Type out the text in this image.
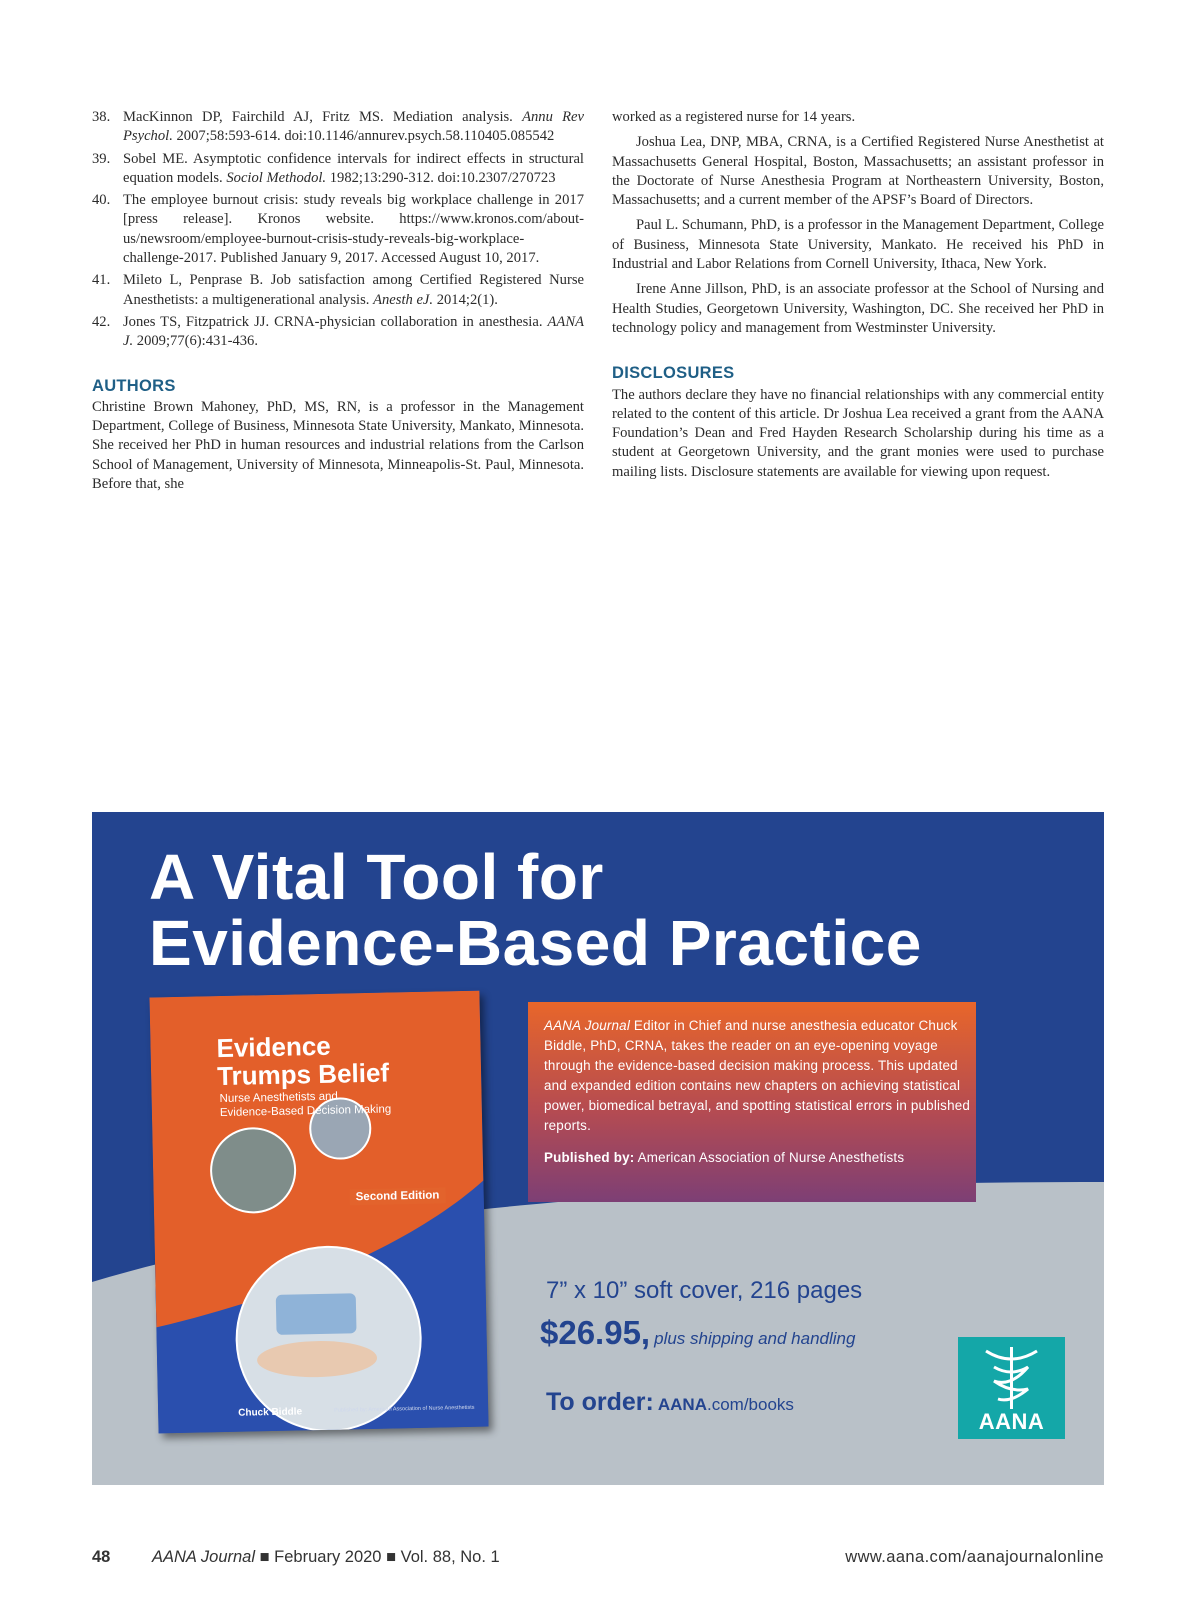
38. MacKinnon DP, Fairchild AJ, Fritz MS. Mediation analysis. Annu Rev Psychol. 2007;58:593-614. doi:10.1146/annurev.psych.58.110405.085542
39. Sobel ME. Asymptotic confidence intervals for indirect effects in structural equation models. Sociol Methodol. 1982;13:290-312. doi:10.2307/270723
40. The employee burnout crisis: study reveals big workplace challenge in 2017 [press release]. Kronos website. https://www.kronos.com/about-us/newsroom/employee-burnout-crisis-study-reveals-big-workplace-challenge-2017. Published January 9, 2017. Accessed August 10, 2017.
41. Mileto L, Penprase B. Job satisfaction among Certified Registered Nurse Anesthetists: a multigenerational analysis. Anesth eJ. 2014;2(1).
42. Jones TS, Fitzpatrick JJ. CRNA-physician collaboration in anesthesia. AANA J. 2009;77(6):431-436.
AUTHORS

Christine Brown Mahoney, PhD, MS, RN, is a professor in the Management Department, College of Business, Minnesota State University, Mankato, Minnesota. She received her PhD in human resources and industrial relations from the Carlson School of Management, University of Minnesota, Minneapolis-St. Paul, Minnesota. Before that, she

worked as a registered nurse for 14 years.

Joshua Lea, DNP, MBA, CRNA, is a Certified Registered Nurse Anesthetist at Massachusetts General Hospital, Boston, Massachusetts; an assistant professor in the Doctorate of Nurse Anesthesia Program at Northeastern University, Boston, Massachusetts; and a current member of the APSF’s Board of Directors.

Paul L. Schumann, PhD, is a professor in the Management Department, College of Business, Minnesota State University, Mankato. He received his PhD in Industrial and Labor Relations from Cornell University, Ithaca, New York.

Irene Anne Jillson, PhD, is an associate professor at the School of Nursing and Health Studies, Georgetown University, Washington, DC. She received her PhD in technology policy and management from Westminster University.

DISCLOSURES

The authors declare they have no financial relationships with any commercial entity related to the content of this article. Dr Joshua Lea received a grant from the AANA Foundation’s Dean and Fred Hayden Research Scholarship during his time as a student at Georgetown University, and the grant monies were used to purchase mailing lists. Disclosure statements are available for viewing upon request.

A Vital Tool for
Evidence-Based Practice
Evidence
Trumps Belief
Nurse Anesthetists and
Evidence-Based Decision Making
Second Edition
Chuck Biddle	Published by: American Association of Nurse Anesthetists
AANA Journal Editor in Chief and nurse anesthesia educator Chuck Biddle, PhD, CRNA, takes the reader on an eye-opening voyage through the evidence-based decision making process. This updated and expanded edition contains new chapters on achieving statistical power, biomedical betrayal, and spotting statistical errors in published reports.
Published by: American Association of Nurse Anesthetists
7” x 10” soft cover, 216 pages
$26.95, plus shipping and handling
To order: AANA.com/books
AANA
48	AANA Journal ■ February 2020 ■ Vol. 88, No. 1	www.aana.com/aanajournalonline
